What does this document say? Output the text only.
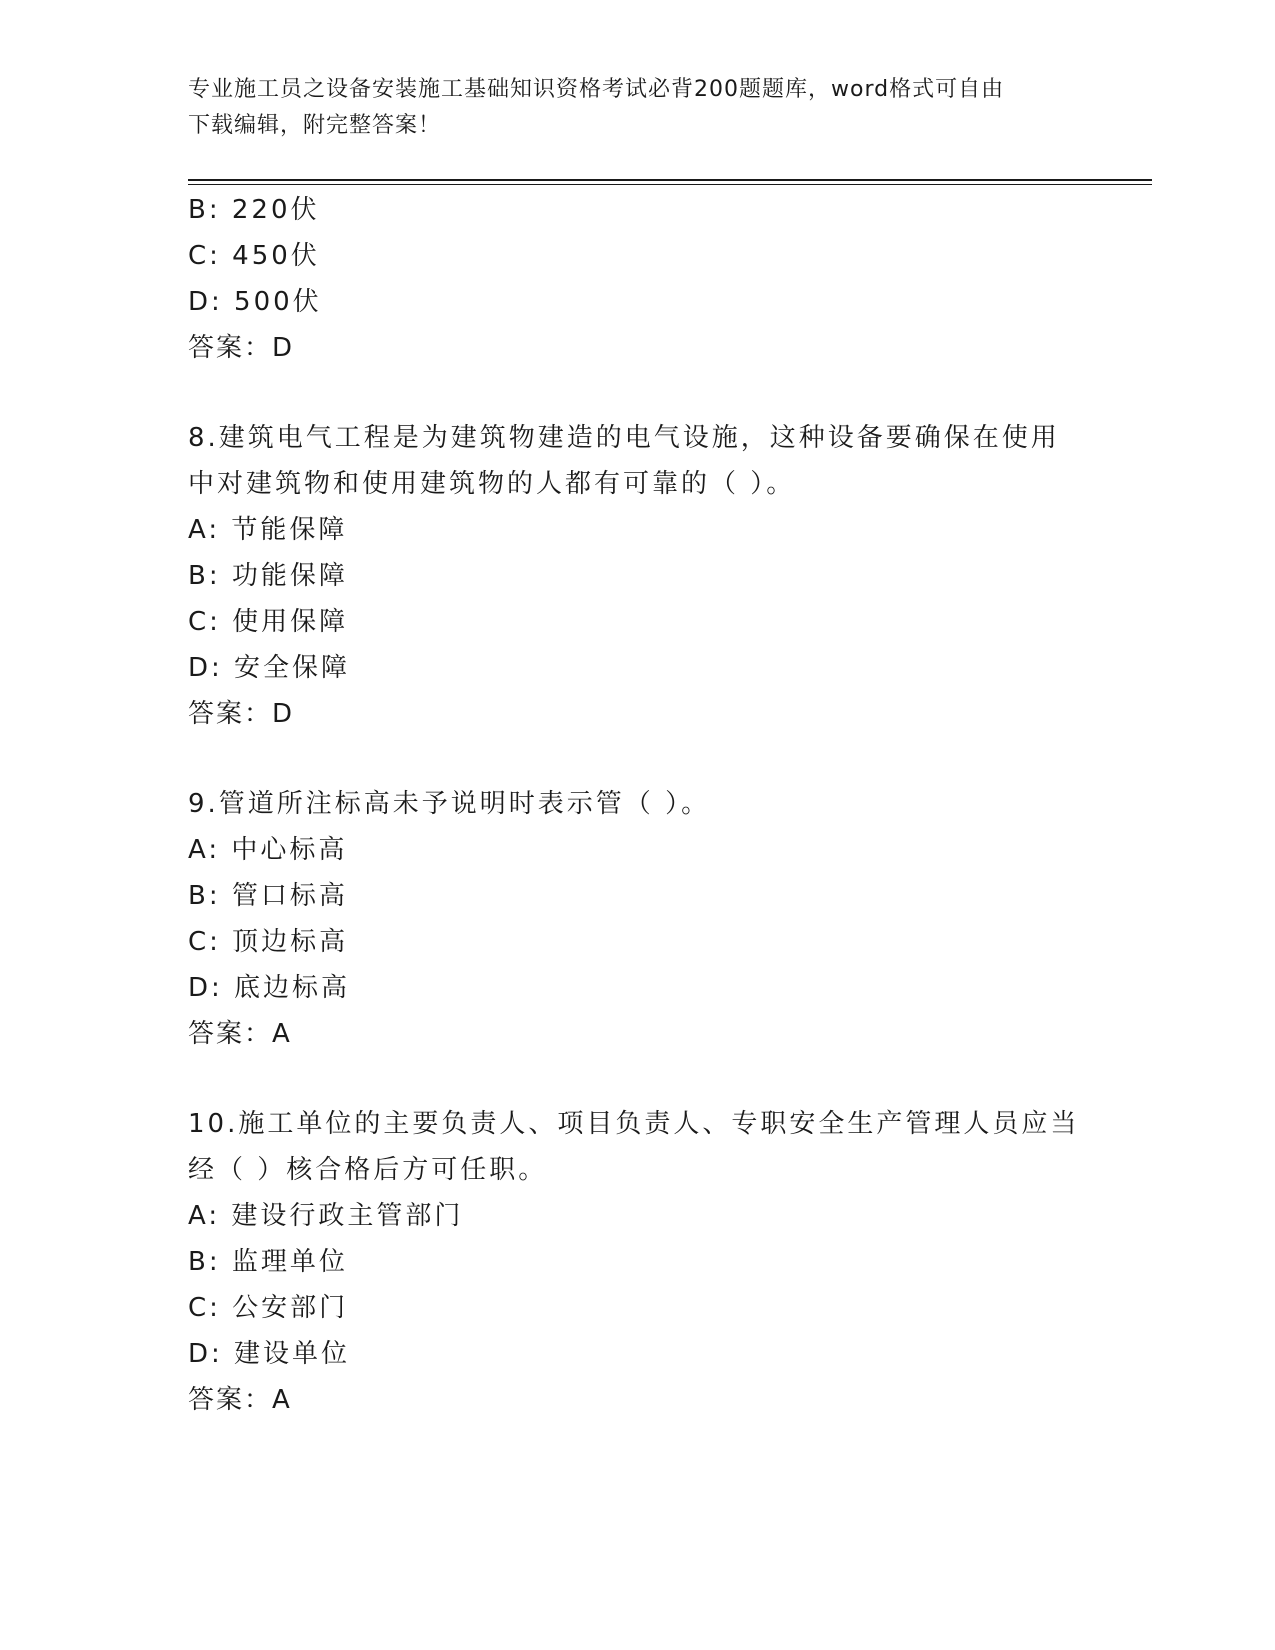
专业施工员之设备安装施工基础知识资格考试必背200题题库，word格式可自由
下载编辑，附完整答案！
B: 220伏
C: 450伏
D: 500伏
答案：D
8.建筑电气工程是为建筑物建造的电气设施，这种设备要确保在使用
中对建筑物和使用建筑物的人都有可靠的（ ）。
A: 节能保障
B: 功能保障
C: 使用保障
D: 安全保障
答案：D
9.管道所注标高未予说明时表示管（ ）。
A: 中心标高
B: 管口标高
C: 顶边标高
D: 底边标高
答案：A
10.施工单位的主要负责人、项目负责人、专职安全生产管理人员应当
经（ ）核合格后方可任职。
A: 建设行政主管部门
B: 监理单位
C: 公安部门
D: 建设单位
答案：A
